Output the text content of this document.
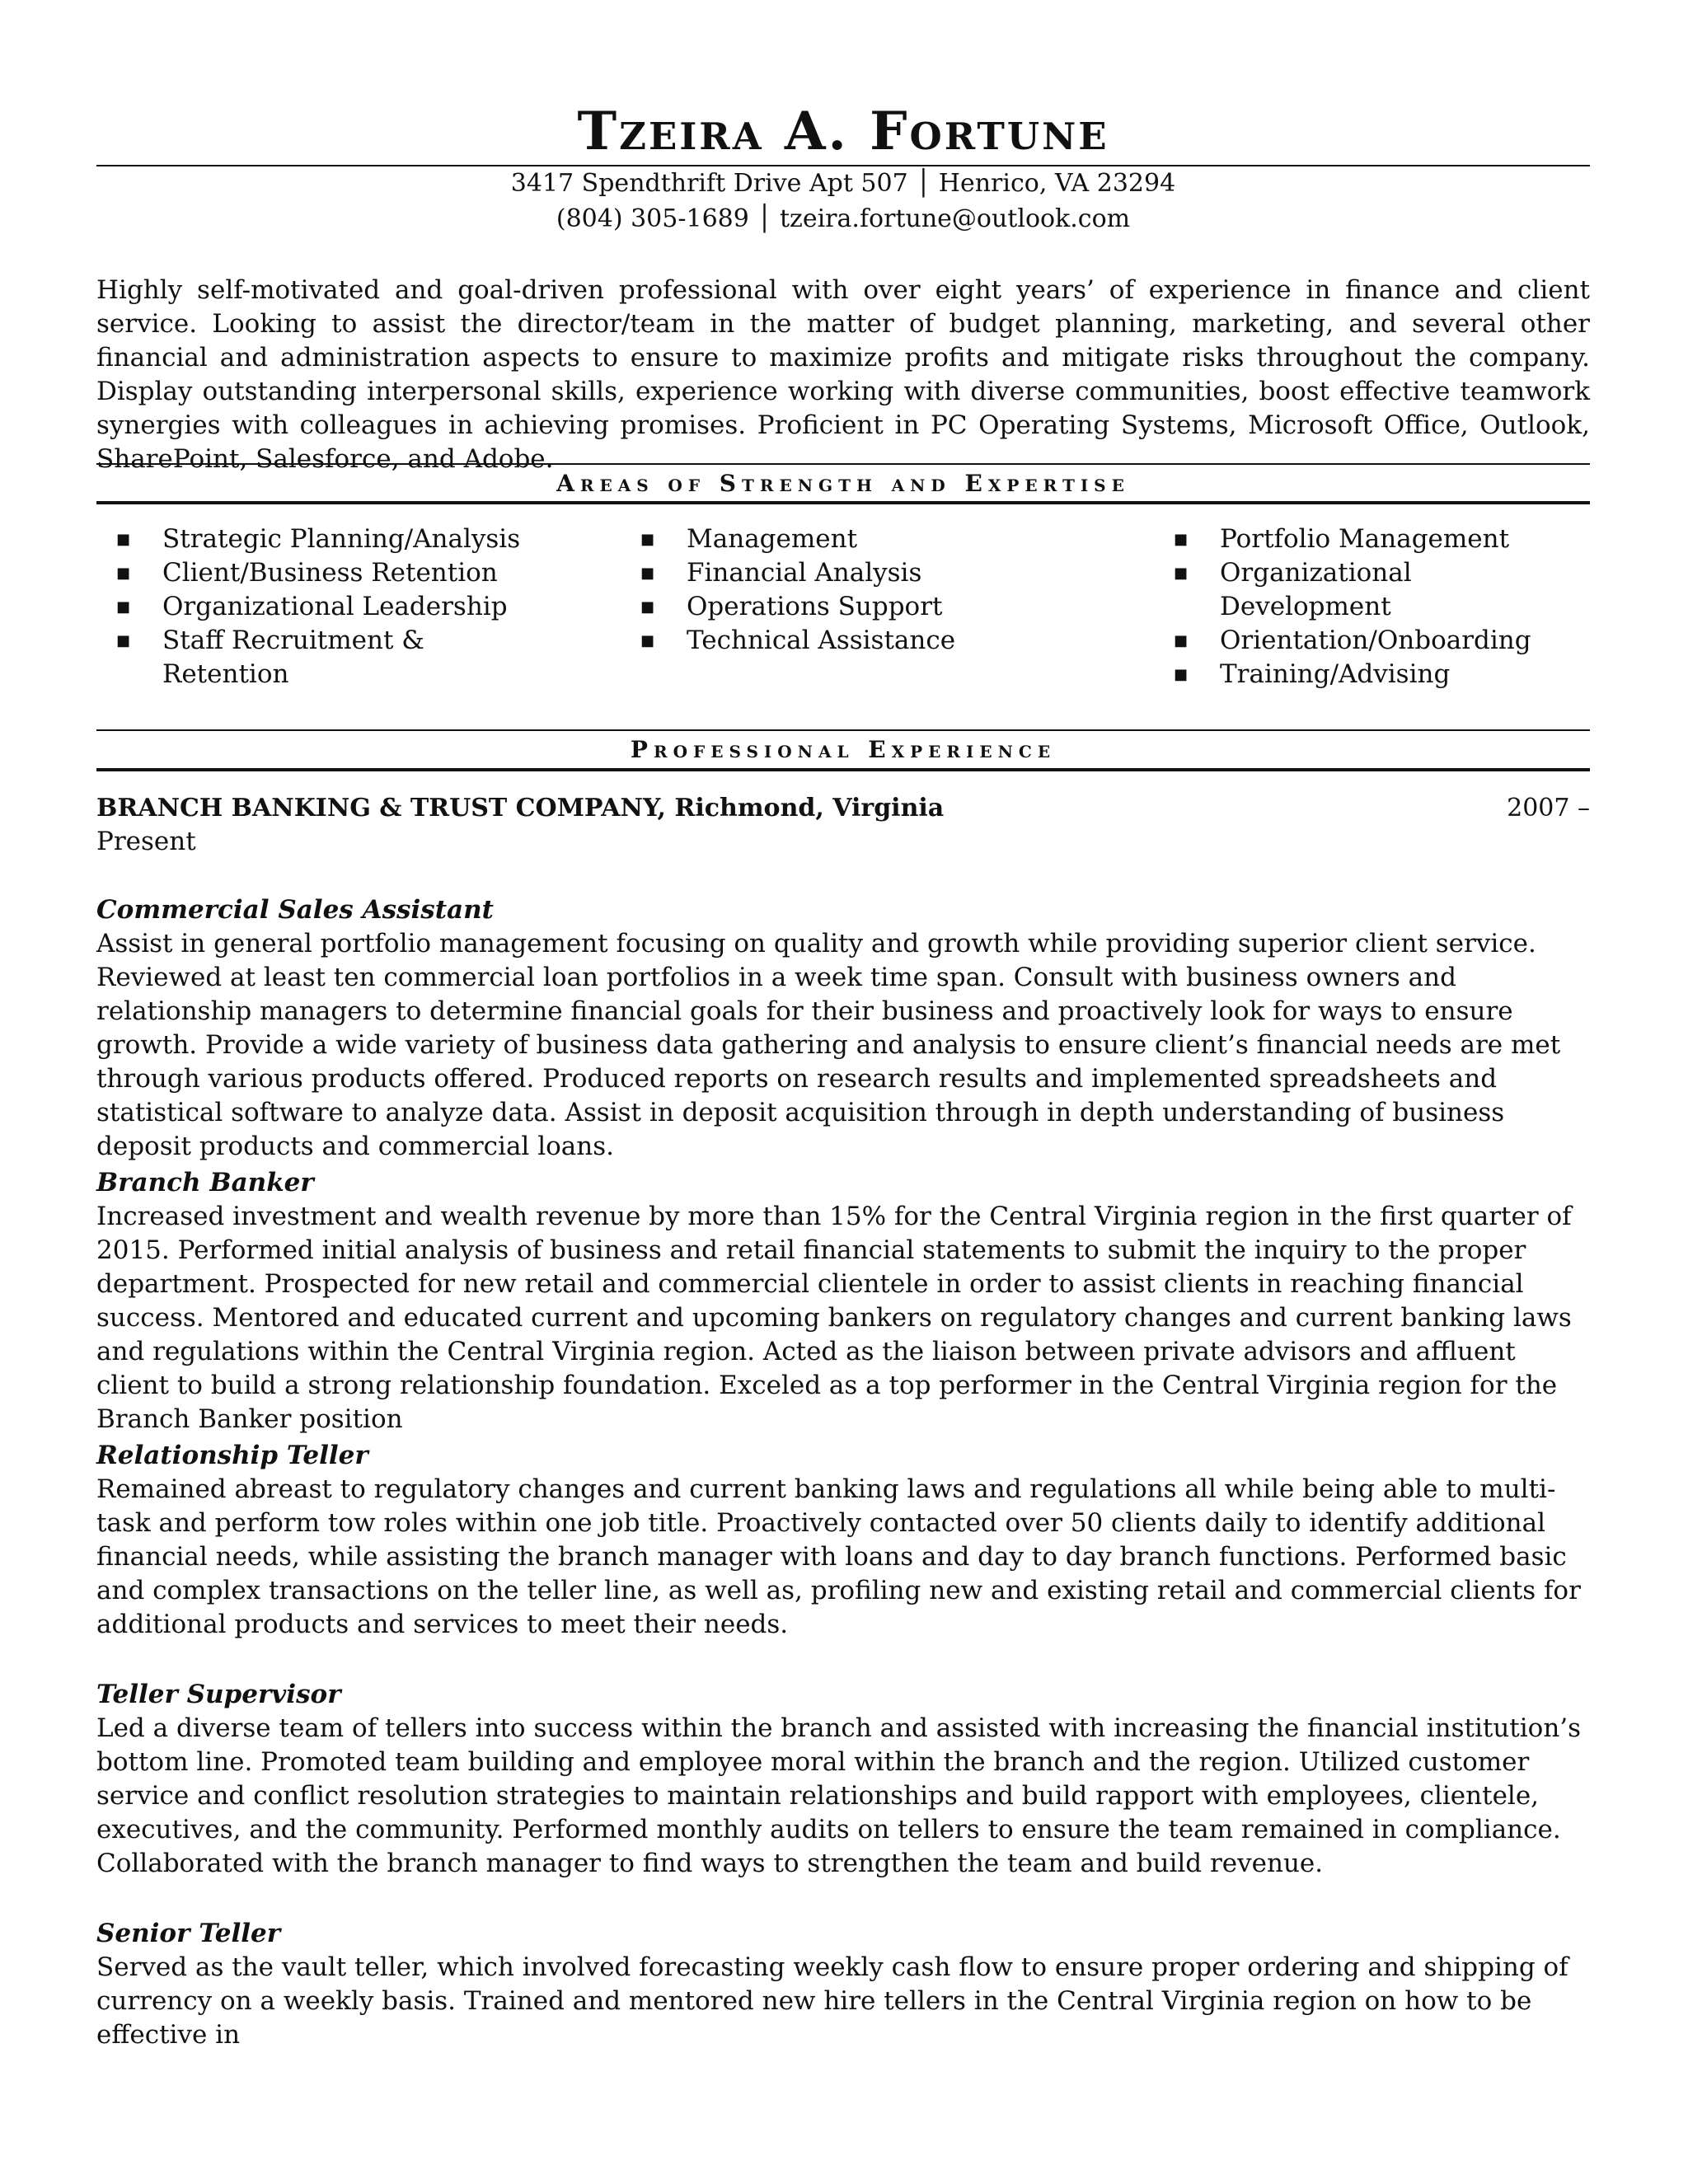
Tzeira A. Fortune
3417 Spendthrift Drive Apt 507 │ Henrico, VA 23294
(804) 305-1689 │ tzeira.fortune@outlook.com
Highly self-motivated and goal-driven professional with over eight years’ of experience in finance and client service. Looking to assist the director/team in the matter of budget planning, marketing, and several other financial and administration aspects to ensure to maximize profits and mitigate risks throughout the company. Display outstanding interpersonal skills, experience working with diverse communities, boost effective teamwork synergies with colleagues in achieving promises. Proficient in PC Operating Systems, Microsoft Office, Outlook, SharePoint, Salesforce, and Adobe.
Areas of Strength and Expertise
■ Strategic Planning/Analysis
■ Client/Business Retention
■ Organizational Leadership
■ Staff Recruitment & Retention
■ Management
■ Financial Analysis
■ Operations Support
■ Technical Assistance
■ Portfolio Management
■ Organizational Development
■ Orientation/Onboarding
■ Training/Advising
Professional Experience
BRANCH BANKING & TRUST COMPANY, Richmond, Virginia	2007 –
Present
Commercial Sales Assistant
Assist in general portfolio management focusing on quality and growth while providing superior client service. Reviewed at least ten commercial loan portfolios in a week time span. Consult with business owners and relationship managers to determine financial goals for their business and proactively look for ways to ensure growth. Provide a wide variety of business data gathering and analysis to ensure client’s financial needs are met through various products offered. Produced reports on research results and implemented spreadsheets and statistical software to analyze data. Assist in deposit acquisition through in depth understanding of business deposit products and commercial loans.
Branch Banker
Increased investment and wealth revenue by more than 15% for the Central Virginia region in the first quarter of 2015. Performed initial analysis of business and retail financial statements to submit the inquiry to the proper department. Prospected for new retail and commercial clientele in order to assist clients in reaching financial success. Mentored and educated current and upcoming bankers on regulatory changes and current banking laws and regulations within the Central Virginia region. Acted as the liaison between private advisors and affluent client to build a strong relationship foundation. Exceled as a top performer in the Central Virginia region for the Branch Banker position
Relationship Teller
Remained abreast to regulatory changes and current banking laws and regulations all while being able to multi-task and perform tow roles within one job title. Proactively contacted over 50 clients daily to identify additional financial needs, while assisting the branch manager with loans and day to day branch functions. Performed basic and complex transactions on the teller line, as well as, profiling new and existing retail and commercial clients for additional products and services to meet their needs.
Teller Supervisor
Led a diverse team of tellers into success within the branch and assisted with increasing the financial institution’s bottom line. Promoted team building and employee moral within the branch and the region. Utilized customer service and conflict resolution strategies to maintain relationships and build rapport with employees, clientele, executives, and the community. Performed monthly audits on tellers to ensure the team remained in compliance. Collaborated with the branch manager to find ways to strengthen the team and build revenue.
Senior Teller
Served as the vault teller, which involved forecasting weekly cash flow to ensure proper ordering and shipping of currency on a weekly basis. Trained and mentored new hire tellers in the Central Virginia region on how to be effective in
